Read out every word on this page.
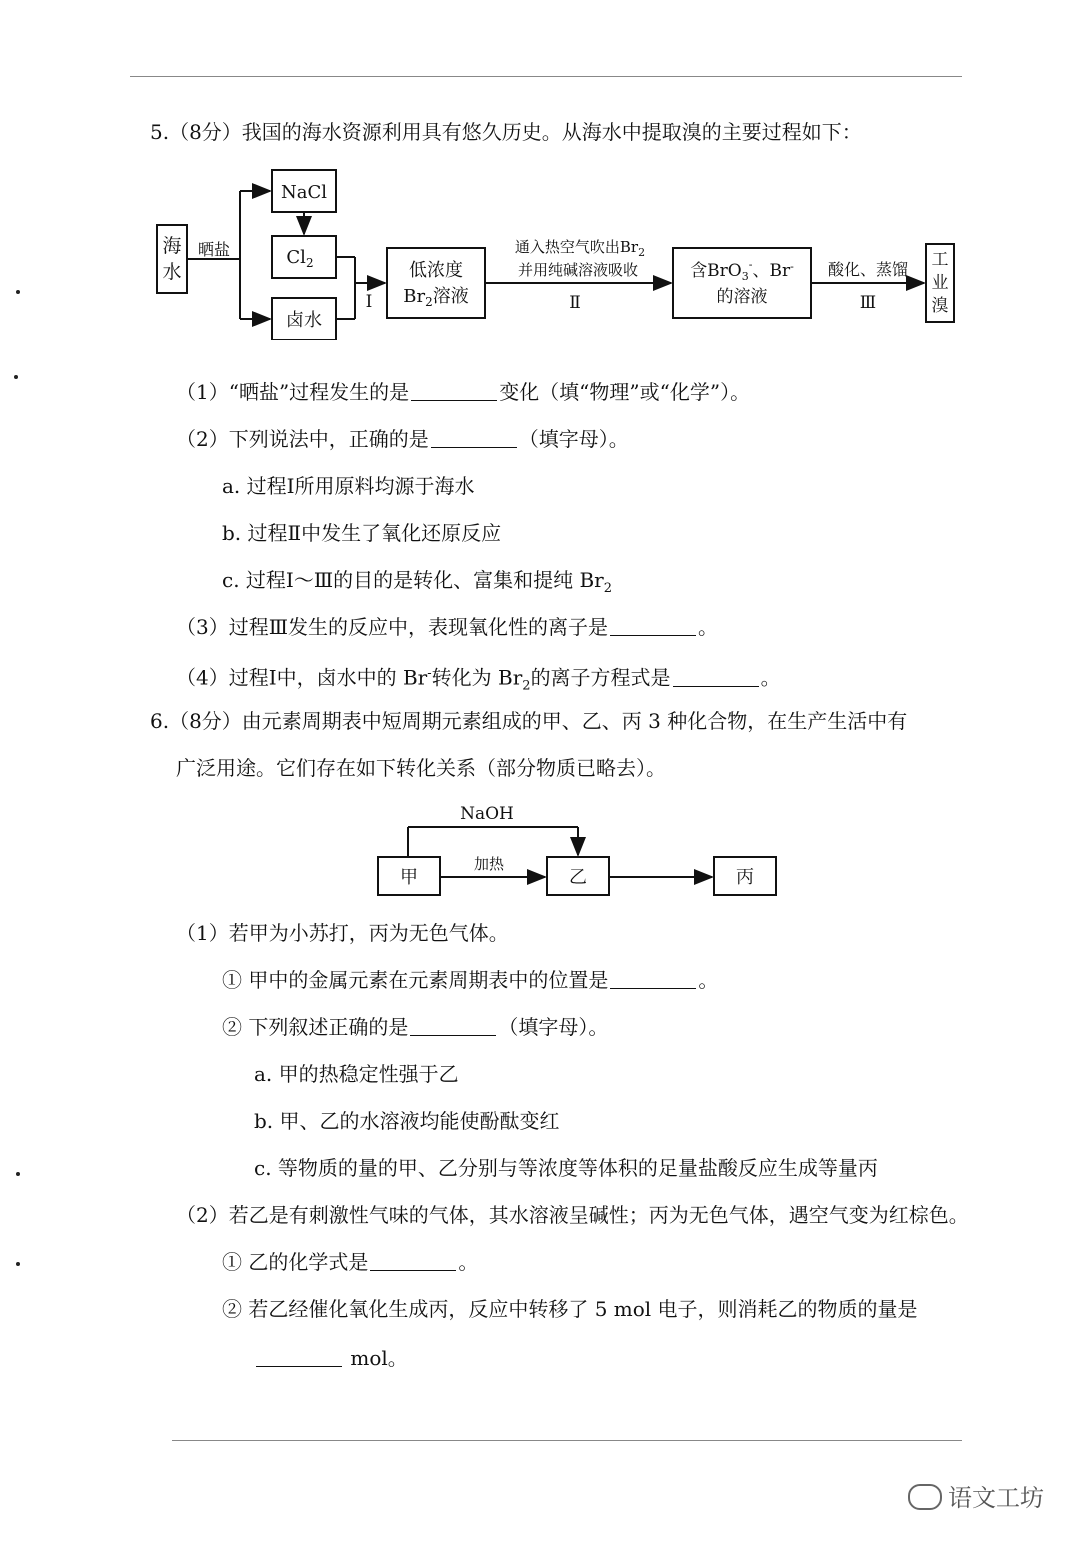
5.（8分）我国的海水资源利用具有悠久历史。从海水中提取溴的主要过程如下：
海
水
晒盐
NaCl
$Cl_2$
卤水
Ⅰ
低浓度
$Br_2$溶液
通入热空气吹出$Br_2$
并用纯碱溶液吸收
Ⅱ
含BrO$_3$-、Br-
的溶液
酸化、蒸馏
Ⅲ
工
业
溴
（1）“晒盐”过程发生的是	变化（填“物理”或“化学”）。
（2）下列说法中，正确的是	（填字母）。
a. 过程Ⅰ所用原料均源于海水
b. 过程Ⅱ中发生了氧化还原反应
c. 过程Ⅰ～Ⅲ的目的是转化、富集和提纯 $Br_2$
（3）过程Ⅲ发生的反应中，表现氧化性的离子是	。
（4）过程Ⅰ中，卤水中的 Br-转化为 $Br_2$的离子方程式是	。
6.（8分）由元素周期表中短周期元素组成的甲、乙、丙 3 种化合物，在生产生活中有
广泛用途。它们存在如下转化关系（部分物质已略去）。
NaOH
甲
加热
乙	丙
（1）若甲为小苏打，丙为无色气体。
① 甲中的金属元素在元素周期表中的位置是	。
② 下列叙述正确的是	（填字母）。
a. 甲的热稳定性强于乙
b. 甲、乙的水溶液均能使酚酞变红
c. 等物质的量的甲、乙分别与等浓度等体积的足量盐酸反应生成等量丙
（2）若乙是有刺激性气味的气体，其水溶液呈碱性；丙为无色气体，遇空气变为红棕色。
① 乙的化学式是	。
② 若乙经催化氧化生成丙，反应中转移了 5 mol 电子，则消耗乙的物质的量是
mol。
语文工坊
